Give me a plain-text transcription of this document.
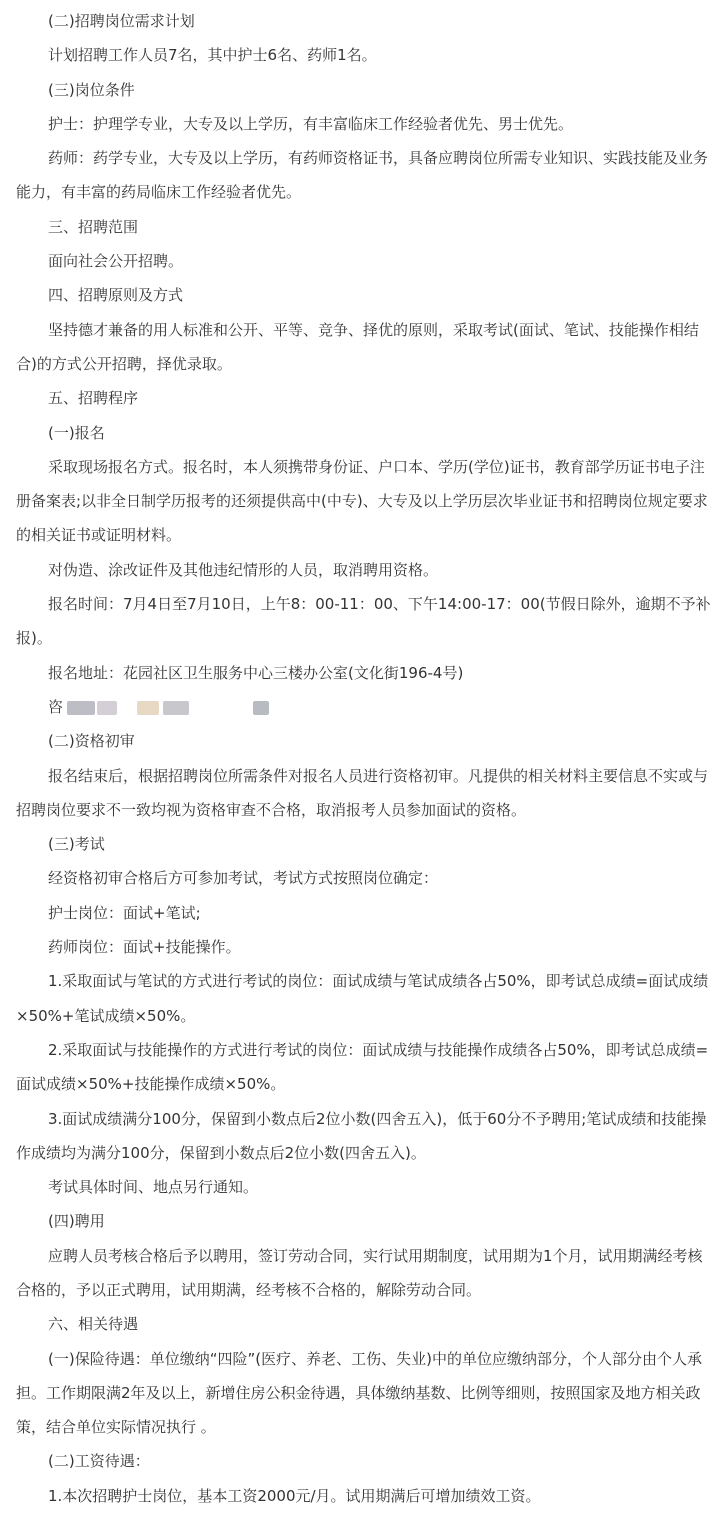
(二)招聘岗位需求计划

计划招聘工作人员7名，其中护士6名、药师1名。

(三)岗位条件

护士：护理学专业，大专及以上学历，有丰富临床工作经验者优先、男士优先。

药师：药学专业，大专及以上学历，有药师资格证书，具备应聘岗位所需专业知识、实践技能及业务能力，有丰富的药局临床工作经验者优先。

三、招聘范围

面向社会公开招聘。

四、招聘原则及方式

坚持德才兼备的用人标准和公开、平等、竞争、择优的原则，采取考试(面试、笔试、技能操作相结合)的方式公开招聘，择优录取。

五、招聘程序

(一)报名

采取现场报名方式。报名时，本人须携带身份证、户口本、学历(学位)证书，教育部学历证书电子注册备案表;以非全日制学历报考的还须提供高中(中专)、大专及以上学历层次毕业证书和招聘岗位规定要求的相关证书或证明材料。

对伪造、涂改证件及其他违纪情形的人员，取消聘用资格。

报名时间：7月4日至7月10日，上午8：00-11：00、下午14:00-17：00(节假日除外，逾期不予补报)。

报名地址：花园社区卫生服务中心三楼办公室(文化街196-4号)

咨

(二)资格初审

报名结束后，根据招聘岗位所需条件对报名人员进行资格初审。凡提供的相关材料主要信息不实或与招聘岗位要求不一致均视为资格审查不合格，取消报考人员参加面试的资格。

(三)考试

经资格初审合格后方可参加考试，考试方式按照岗位确定：

护士岗位：面试+笔试;

药师岗位：面试+技能操作。

1.采取面试与笔试的方式进行考试的岗位：面试成绩与笔试成绩各占50%，即考试总成绩=面试成绩×50%+笔试成绩×50%。

2.采取面试与技能操作的方式进行考试的岗位：面试成绩与技能操作成绩各占50%，即考试总成绩=面试成绩×50%+技能操作成绩×50%。

3.面试成绩满分100分，保留到小数点后2位小数(四舍五入)，低于60分不予聘用;笔试成绩和技能操作成绩均为满分100分，保留到小数点后2位小数(四舍五入)。

考试具体时间、地点另行通知。

(四)聘用

应聘人员考核合格后予以聘用，签订劳动合同，实行试用期制度，试用期为1个月，试用期满经考核合格的，予以正式聘用，试用期满，经考核不合格的，解除劳动合同。

六、相关待遇

(一)保险待遇：单位缴纳“四险”(医疗、养老、工伤、失业)中的单位应缴纳部分，个人部分由个人承担。工作期限满2年及以上，新增住房公积金待遇，具体缴纳基数、比例等细则，按照国家及地方相关政策，结合单位实际情况执行 。

(二)工资待遇：

1.本次招聘护士岗位，基本工资2000元/月。试用期满后可增加绩效工资。
